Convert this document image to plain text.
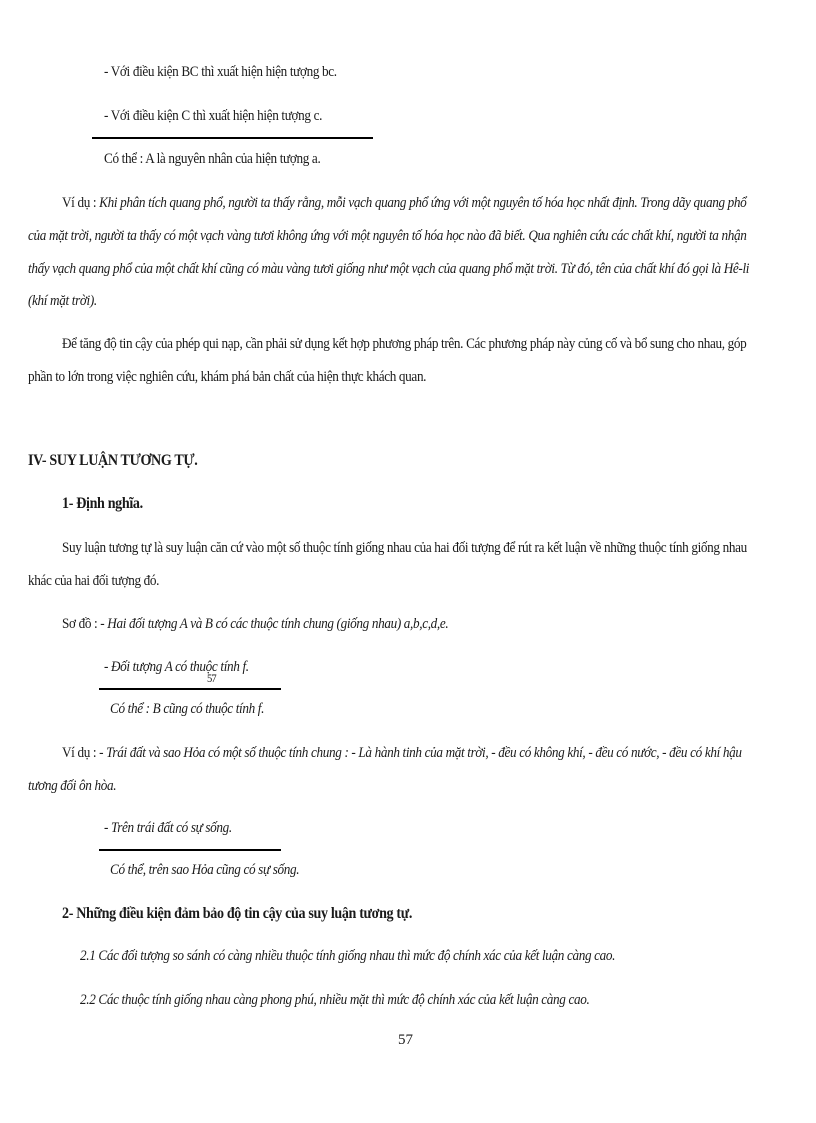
- Với điều kiện BC thì xuất hiện hiện tượng bc.
- Với điều kiện C thì xuất hiện hiện tượng c.
Có thể : A là nguyên nhân của hiện tượng a.
Ví dụ : Khi phân tích quang phổ, người ta thấy rằng, mỗi vạch quang phổ ứng với một nguyên tố hóa học nhất định. Trong dãy quang phổ
của mặt trời, người ta thấy có một vạch vàng tươi không ứng với một nguyên tố hóa học nào đã biết. Qua nghiên cứu các chất khí, người ta nhận
thấy vạch quang phổ của một chất khí cũng có màu vàng tươi giống như một vạch của quang phổ mặt trời. Từ đó, tên của chất khí đó gọi là Hê-li
(khí mặt trời).
Để tăng độ tin cậy của phép qui nạp, cần phải sử dụng kết hợp phương pháp trên. Các phương pháp này củng cố và bổ sung cho nhau, góp
phần to lớn trong việc nghiên cứu, khám phá bản chất của hiện thực khách quan.
IV- SUY LUẬN TƯƠNG TỰ.
1- Định nghĩa.
Suy luận tương tự là suy luận căn cứ vào một số thuộc tính giống nhau của hai đối tượng để rút ra kết luận về những thuộc tính giống nhau
khác của hai đối tượng đó.
Sơ đồ : - Hai đối tượng A và B có các thuộc tính chung (giống nhau) a,b,c,d,e.
- Đối tượng A có thuộc tính f.
57
Có thể : B cũng có thuộc tính f.
Ví dụ : - Trái đất và sao Hỏa có một số thuộc tính chung : - Là hành tinh của mặt trời, - đều có không khí, - đều có nước, - đều có khí hậu
tương đối ôn hòa.
- Trên trái đất có sự sống.
Có thể, trên sao Hỏa cũng có sự sống.
2- Những điều kiện đảm bảo độ tin cậy của suy luận tương tự.
2.1 Các đối tượng so sánh có càng nhiều thuộc tính giống nhau thì mức độ chính xác của kết luận càng cao.
2.2 Các thuộc tính giống nhau càng phong phú, nhiều mặt thì mức độ chính xác của kết luận càng cao.
57
